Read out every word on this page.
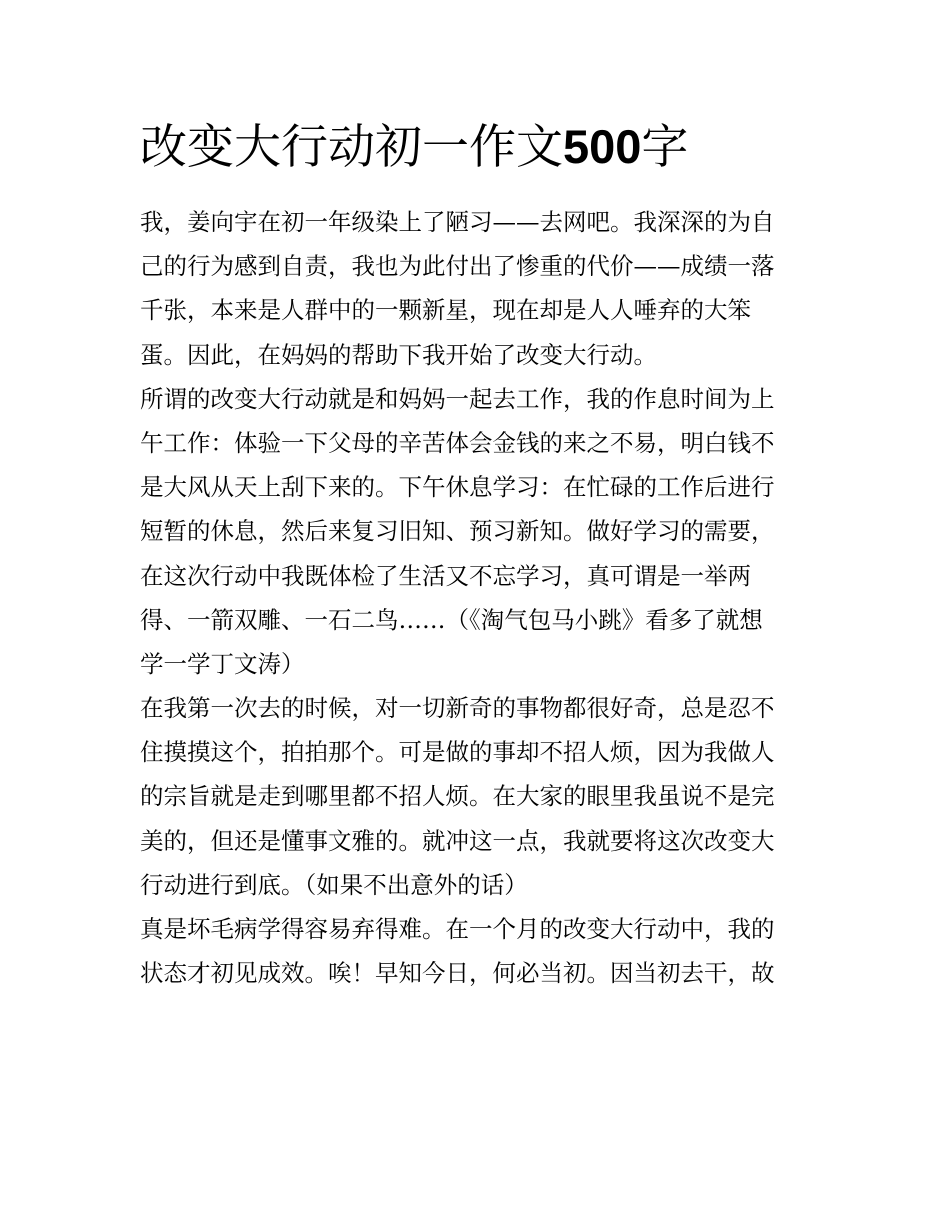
改变大行动初一作文500字

我，姜向宇在初一年级染上了陋习——去网吧。我深深的为自

己的行为感到自责，我也为此付出了惨重的代价——成绩一落

千张，本来是人群中的一颗新星，现在却是人人唾弃的大笨

蛋。因此，在妈妈的帮助下我开始了改变大行动。

所谓的改变大行动就是和妈妈一起去工作，我的作息时间为上

午工作：体验一下父母的辛苦体会金钱的来之不易，明白钱不

是大风从天上刮下来的。下午休息学习：在忙碌的工作后进行

短暂的休息，然后来复习旧知、预习新知。做好学习的需要，

在这次行动中我既体检了生活又不忘学习，真可谓是一举两

得、一箭双雕、一石二鸟……（《淘气包马小跳》看多了就想

学一学丁文涛）

在我第一次去的时候，对一切新奇的事物都很好奇，总是忍不

住摸摸这个，拍拍那个。可是做的事却不招人烦，因为我做人

的宗旨就是走到哪里都不招人烦。在大家的眼里我虽说不是完

美的，但还是懂事文雅的。就冲这一点，我就要将这次改变大

行动进行到底。（如果不出意外的话）

真是坏毛病学得容易弃得难。在一个月的改变大行动中，我的

状态才初见成效。唉！早知今日，何必当初。因当初去干，故
